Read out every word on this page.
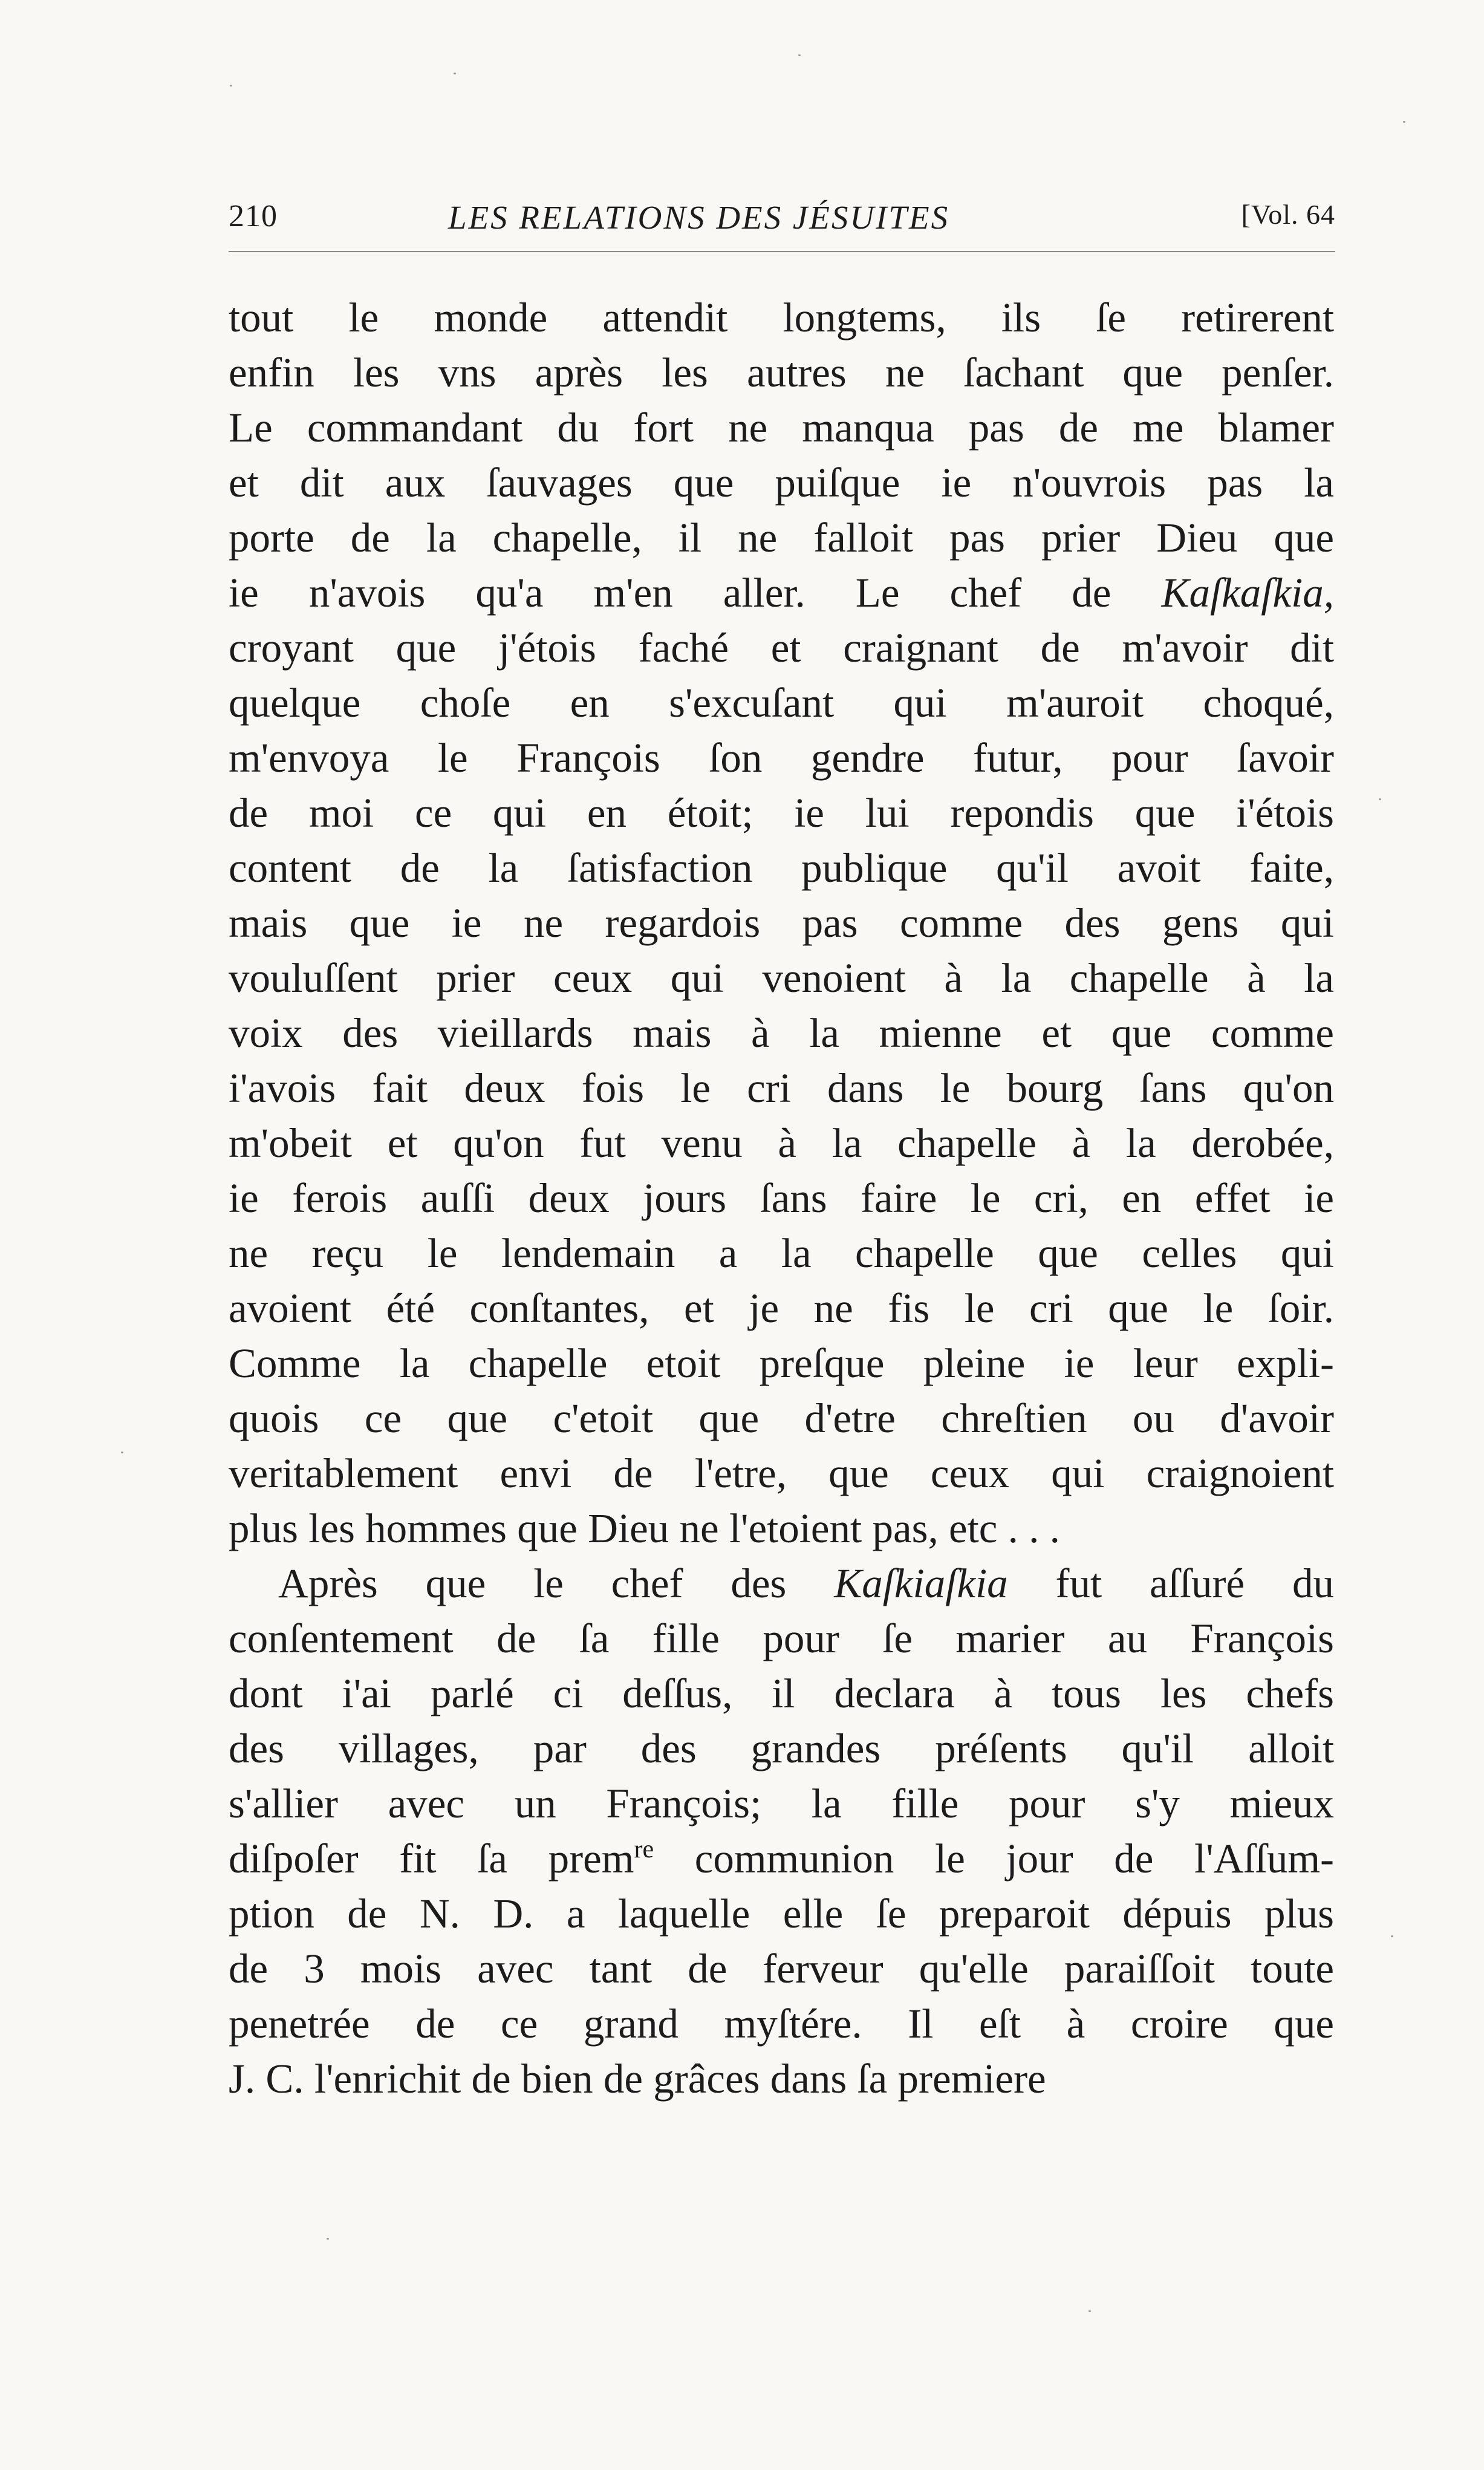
210	LES RELATIONS DES JÉSUITES	[Vol. 64
tout le monde attendit longtems, ils ſe retirerent
enfin les vns après les autres ne ſachant que penſer.
Le commandant du fort ne manqua pas de me blamer
et dit aux ſauvages que puiſque ie n'ouvrois pas la
porte de la chapelle, il ne falloit pas prier Dieu que
ie n'avois qu'a m'en aller. Le chef de Kaſkaſkia,
croyant que j'étois faché et craignant de m'avoir dit
quelque choſe en s'excuſant qui m'auroit choqué,
m'envoya le François ſon gendre futur, pour ſavoir
de moi ce qui en étoit; ie lui repondis que i'étois
content de la ſatisfaction publique qu'il avoit faite,
mais que ie ne regardois pas comme des gens qui
vouluſſent prier ceux qui venoient à la chapelle à la
voix des vieillards mais à la mienne et que comme
i'avois fait deux fois le cri dans le bourg ſans qu'on
m'obeit et qu'on fut venu à la chapelle à la derobée,
ie ferois auſſi deux jours ſans faire le cri, en effet ie
ne reçu le lendemain a la chapelle que celles qui
avoient été conſtantes, et je ne fis le cri que le ſoir.
Comme la chapelle etoit preſque pleine ie leur expli-
quois ce que c'etoit que d'etre chreſtien ou d'avoir
veritablement envi de l'etre, que ceux qui craignoient
plus les hommes que Dieu ne l'etoient pas, etc . . .
Après que le chef des Kaſkiaſkia fut aſſuré du
conſentement de ſa fille pour ſe marier au François
dont i'ai parlé ci deſſus, il declara à tous les chefs
des villages, par des grandes préſents qu'il alloit
s'allier avec un François; la fille pour s'y mieux
diſpoſer fit ſa prem$^{re}$ communion le jour de l'Aſſum-
ption de N. D. a laquelle elle ſe preparoit dépuis plus
de 3 mois avec tant de ferveur qu'elle paraiſſoit toute
penetrée de ce grand myſtére. Il eſt à croire que
J. C. l'enrichit de bien de grâces dans ſa premiere
